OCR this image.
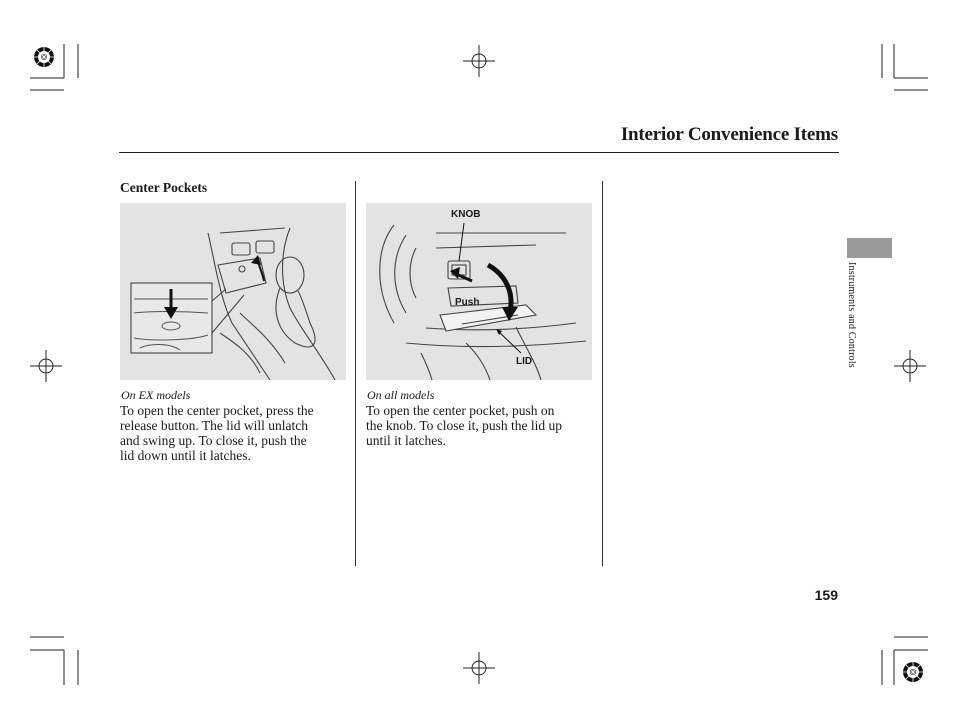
Interior Convenience Items
Instruments and Controls
Center Pockets
On EX models
To open the center pocket, press the
release button. The lid will unlatch
and swing up. To close it, push the
lid down until it latches.
KNOB
Push
LID
On all models
To open the center pocket, push on
the knob. To close it, push the lid up
until it latches.
159
